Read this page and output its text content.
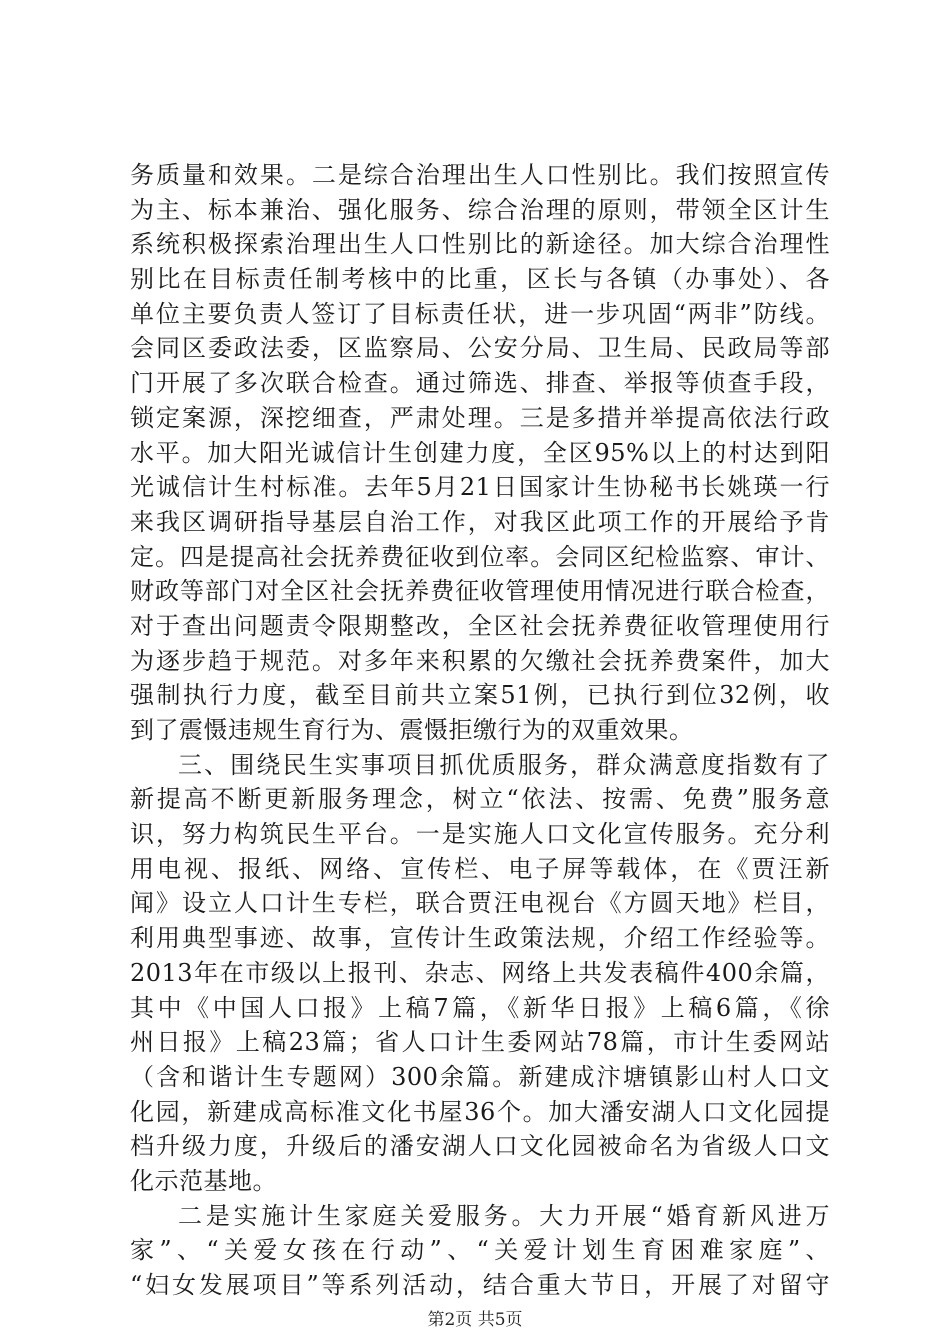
务质量和效果。二是综合治理出生人口性别比。我们按照宣传
为主、标本兼治、强化服务、综合治理的原则，带领全区计生
系统积极探索治理出生人口性别比的新途径。加大综合治理性
别比在目标责任制考核中的比重，区长与各镇（办事处）、各
单位主要负责人签订了目标责任状，进一步巩固“两非”防线。
会同区委政法委，区监察局、公安分局、卫生局、民政局等部
门开展了多次联合检查。通过筛选、排查、举报等侦查手段，
锁定案源，深挖细查，严肃处理。三是多措并举提高依法行政
水平。加大阳光诚信计生创建力度，全区95%以上的村达到阳
光诚信计生村标准。去年5月21日国家计生协秘书长姚瑛一行
来我区调研指导基层自治工作，对我区此项工作的开展给予肯
定。四是提高社会抚养费征收到位率。会同区纪检监察、审计、
财政等部门对全区社会抚养费征收管理使用情况进行联合检查，
对于查出问题责令限期整改，全区社会抚养费征收管理使用行
为逐步趋于规范。对多年来积累的欠缴社会抚养费案件，加大
强制执行力度，截至目前共立案51例，已执行到位32例，收
到了震慑违规生育行为、震慑拒缴行为的双重效果。
三、围绕民生实事项目抓优质服务，群众满意度指数有了
新提高不断更新服务理念，树立“依法、按需、免费”服务意
识，努力构筑民生平台。一是实施人口文化宣传服务。充分利
用电视、报纸、网络、宣传栏、电子屏等载体，在《贾汪新
闻》设立人口计生专栏，联合贾汪电视台《方圆天地》栏目，
利用典型事迹、故事，宣传计生政策法规，介绍工作经验等。
2013年在市级以上报刊、杂志、网络上共发表稿件400余篇，
其中《中国人口报》上稿7篇，《新华日报》上稿6篇，《徐
州日报》上稿23篇；省人口计生委网站78篇，市计生委网站
（含和谐计生专题网）300余篇。新建成汴塘镇影山村人口文
化园，新建成高标准文化书屋36个。加大潘安湖人口文化园提
档升级力度，升级后的潘安湖人口文化园被命名为省级人口文
化示范基地。
二是实施计生家庭关爱服务。大力开展“婚育新风进万
家”、“关爱女孩在行动”、“关爱计划生育困难家庭”、
“妇女发展项目”等系列活动，结合重大节日，开展了对留守
第2页 共5页
